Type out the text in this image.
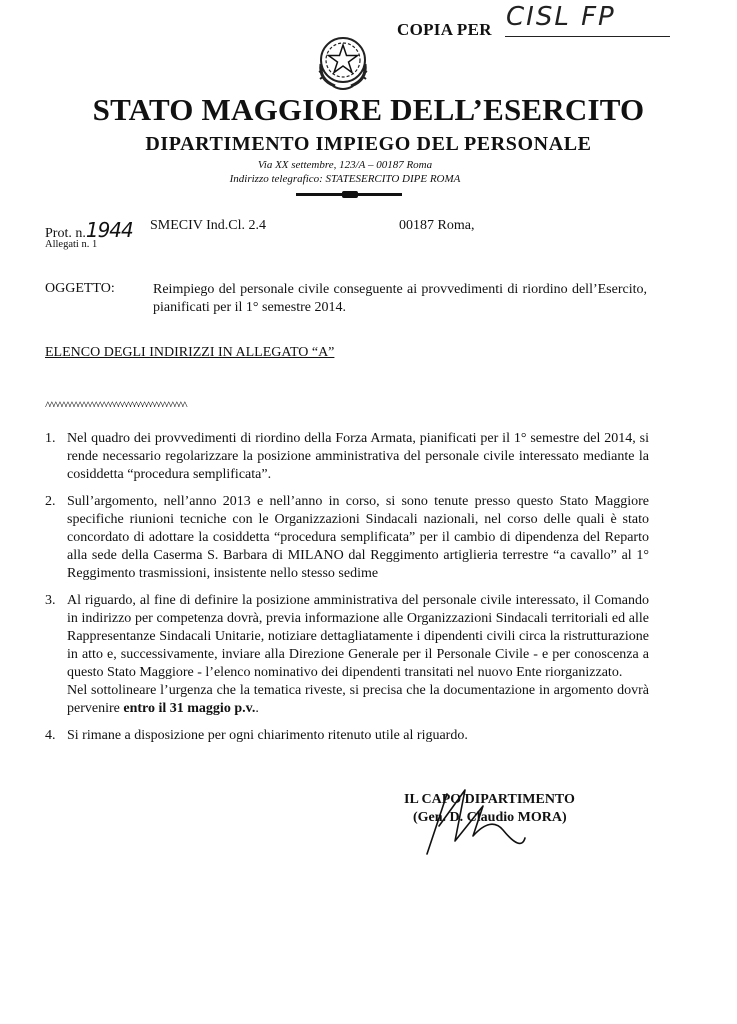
COPIA PER CISL FP
STATO MAGGIORE DELL’ESERCITO
DIPARTIMENTO IMPIEGO DEL PERSONALE
Via XX settembre, 123/A – 00187 Roma
Indirizzo telegrafico: STATESERCITO DIPE ROMA
Prot. n.1944 SMECIV Ind.Cl. 2.4	00187 Roma,
Allegati n. 1
OGGETTO:	Reimpiego del personale civile conseguente ai provvedimenti di riordino dell’Esercito, pianificati per il 1° semestre 2014.
ELENCO DEGLI INDIRIZZI IN ALLEGATO “A”
^^^^^^^^^^^^^^^^^^^^^^^^^^^^^^^^^^^
1. Nel quadro dei provvedimenti di riordino della Forza Armata, pianificati per il 1° semestre del 2014, si rende necessario regolarizzare la posizione amministrativa del personale civile interessato mediante la cosiddetta “procedura semplificata”.

2. Sull’argomento, nell’anno 2013 e nell’anno in corso, si sono tenute presso questo Stato Maggiore specifiche riunioni tecniche con le Organizzazioni Sindacali nazionali, nel corso delle quali è stato concordato di adottare la cosiddetta “procedura semplificata” per il cambio di dipendenza del Reparto alla sede della Caserma S. Barbara di MILANO dal Reggimento artiglieria terrestre “a cavallo” al 1° Reggimento trasmissioni, insistente nello stesso sedime

3. Al riguardo, al fine di definire la posizione amministrativa del personale civile interessato, il Comando in indirizzo per competenza dovrà, previa informazione alle Organizzazioni Sindacali territoriali ed alle Rappresentanze Sindacali Unitarie, notiziare dettagliatamente i dipendenti civili circa la ristrutturazione in atto e, successivamente, inviare alla Direzione Generale per il Personale Civile - e per conoscenza a questo Stato Maggiore - l’elenco nominativo dei dipendenti transitati nel nuovo Ente riorganizzato.

Nel sottolineare l’urgenza che la tematica riveste, si precisa che la documentazione in argomento dovrà pervenire entro il 31 maggio p.v..

4. Si rimane a disposizione per ogni chiarimento ritenuto utile al riguardo.

IL CAPO DIPARTIMENTO
(Gen. D. Claudio MORA)
